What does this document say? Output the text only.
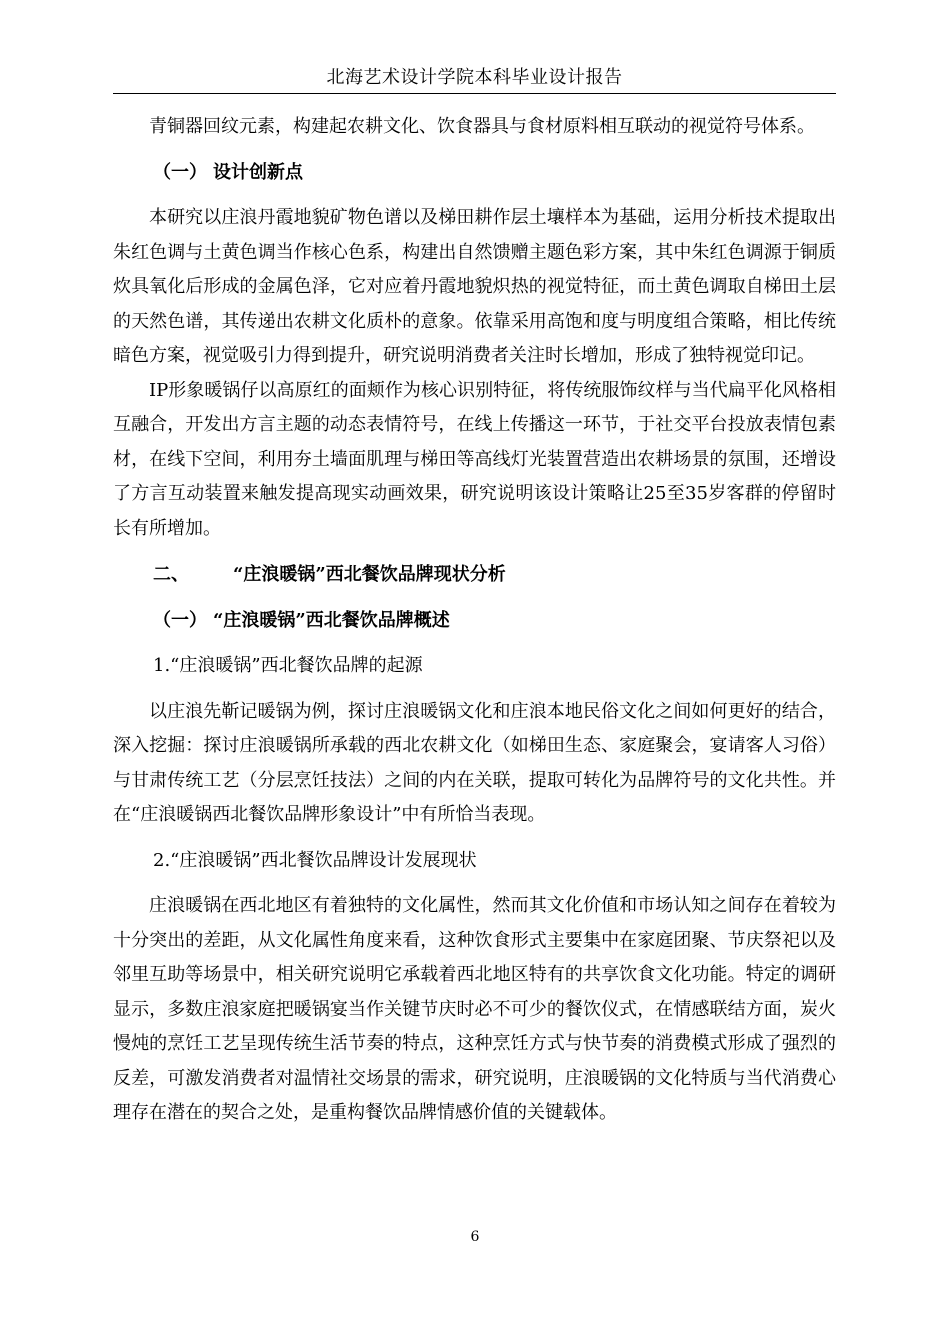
北海艺术设计学院本科毕业设计报告

青铜器回纹元素，构建起农耕文化、饮食器具与食材原料相互联动的视觉符号体系。

（一） 设计创新点

本研究以庄浪丹霞地貌矿物色谱以及梯田耕作层土壤样本为基础，运用分析技术提取出朱红色调与土黄色调当作核心色系，构建出自然馈赠主题色彩方案，其中朱红色调源于铜质炊具氧化后形成的金属色泽，它对应着丹霞地貌炽热的视觉特征，而土黄色调取自梯田土层的天然色谱，其传递出农耕文化质朴的意象。依靠采用高饱和度与明度组合策略，相比传统暗色方案，视觉吸引力得到提升，研究说明消费者关注时长增加，形成了独特视觉印记。

IP形象暖锅仔以高原红的面颊作为核心识别特征，将传统服饰纹样与当代扁平化风格相互融合，开发出方言主题的动态表情符号，在线上传播这一环节，于社交平台投放表情包素材，在线下空间，利用夯土墙面肌理与梯田等高线灯光装置营造出农耕场景的氛围，还增设了方言互动装置来触发提高现实动画效果，研究说明该设计策略让25至35岁客群的停留时长有所增加。

二、 “庄浪暖锅”西北餐饮品牌现状分析

（一） “庄浪暖锅”西北餐饮品牌概述

1.“庄浪暖锅”西北餐饮品牌的起源

以庄浪先靳记暖锅为例，探讨庄浪暖锅文化和庄浪本地民俗文化之间如何更好的结合，深入挖掘：探讨庄浪暖锅所承载的西北农耕文化（如梯田生态、家庭聚会，宴请客人习俗）与甘肃传统工艺（分层烹饪技法）之间的内在关联，提取可转化为品牌符号的文化共性。并在“庄浪暖锅西北餐饮品牌形象设计”中有所恰当表现。

2.“庄浪暖锅”西北餐饮品牌设计发展现状

庄浪暖锅在西北地区有着独特的文化属性，然而其文化价值和市场认知之间存在着较为十分突出的差距，从文化属性角度来看，这种饮食形式主要集中在家庭团聚、节庆祭祀以及邻里互助等场景中，相关研究说明它承载着西北地区特有的共享饮食文化功能。特定的调研显示，多数庄浪家庭把暖锅宴当作关键节庆时必不可少的餐饮仪式，在情感联结方面，炭火慢炖的烹饪工艺呈现传统生活节奏的特点，这种烹饪方式与快节奏的消费模式形成了强烈的反差，可激发消费者对温情社交场景的需求，研究说明，庄浪暖锅的文化特质与当代消费心理存在潜在的契合之处，是重构餐饮品牌情感价值的关键载体。

6
